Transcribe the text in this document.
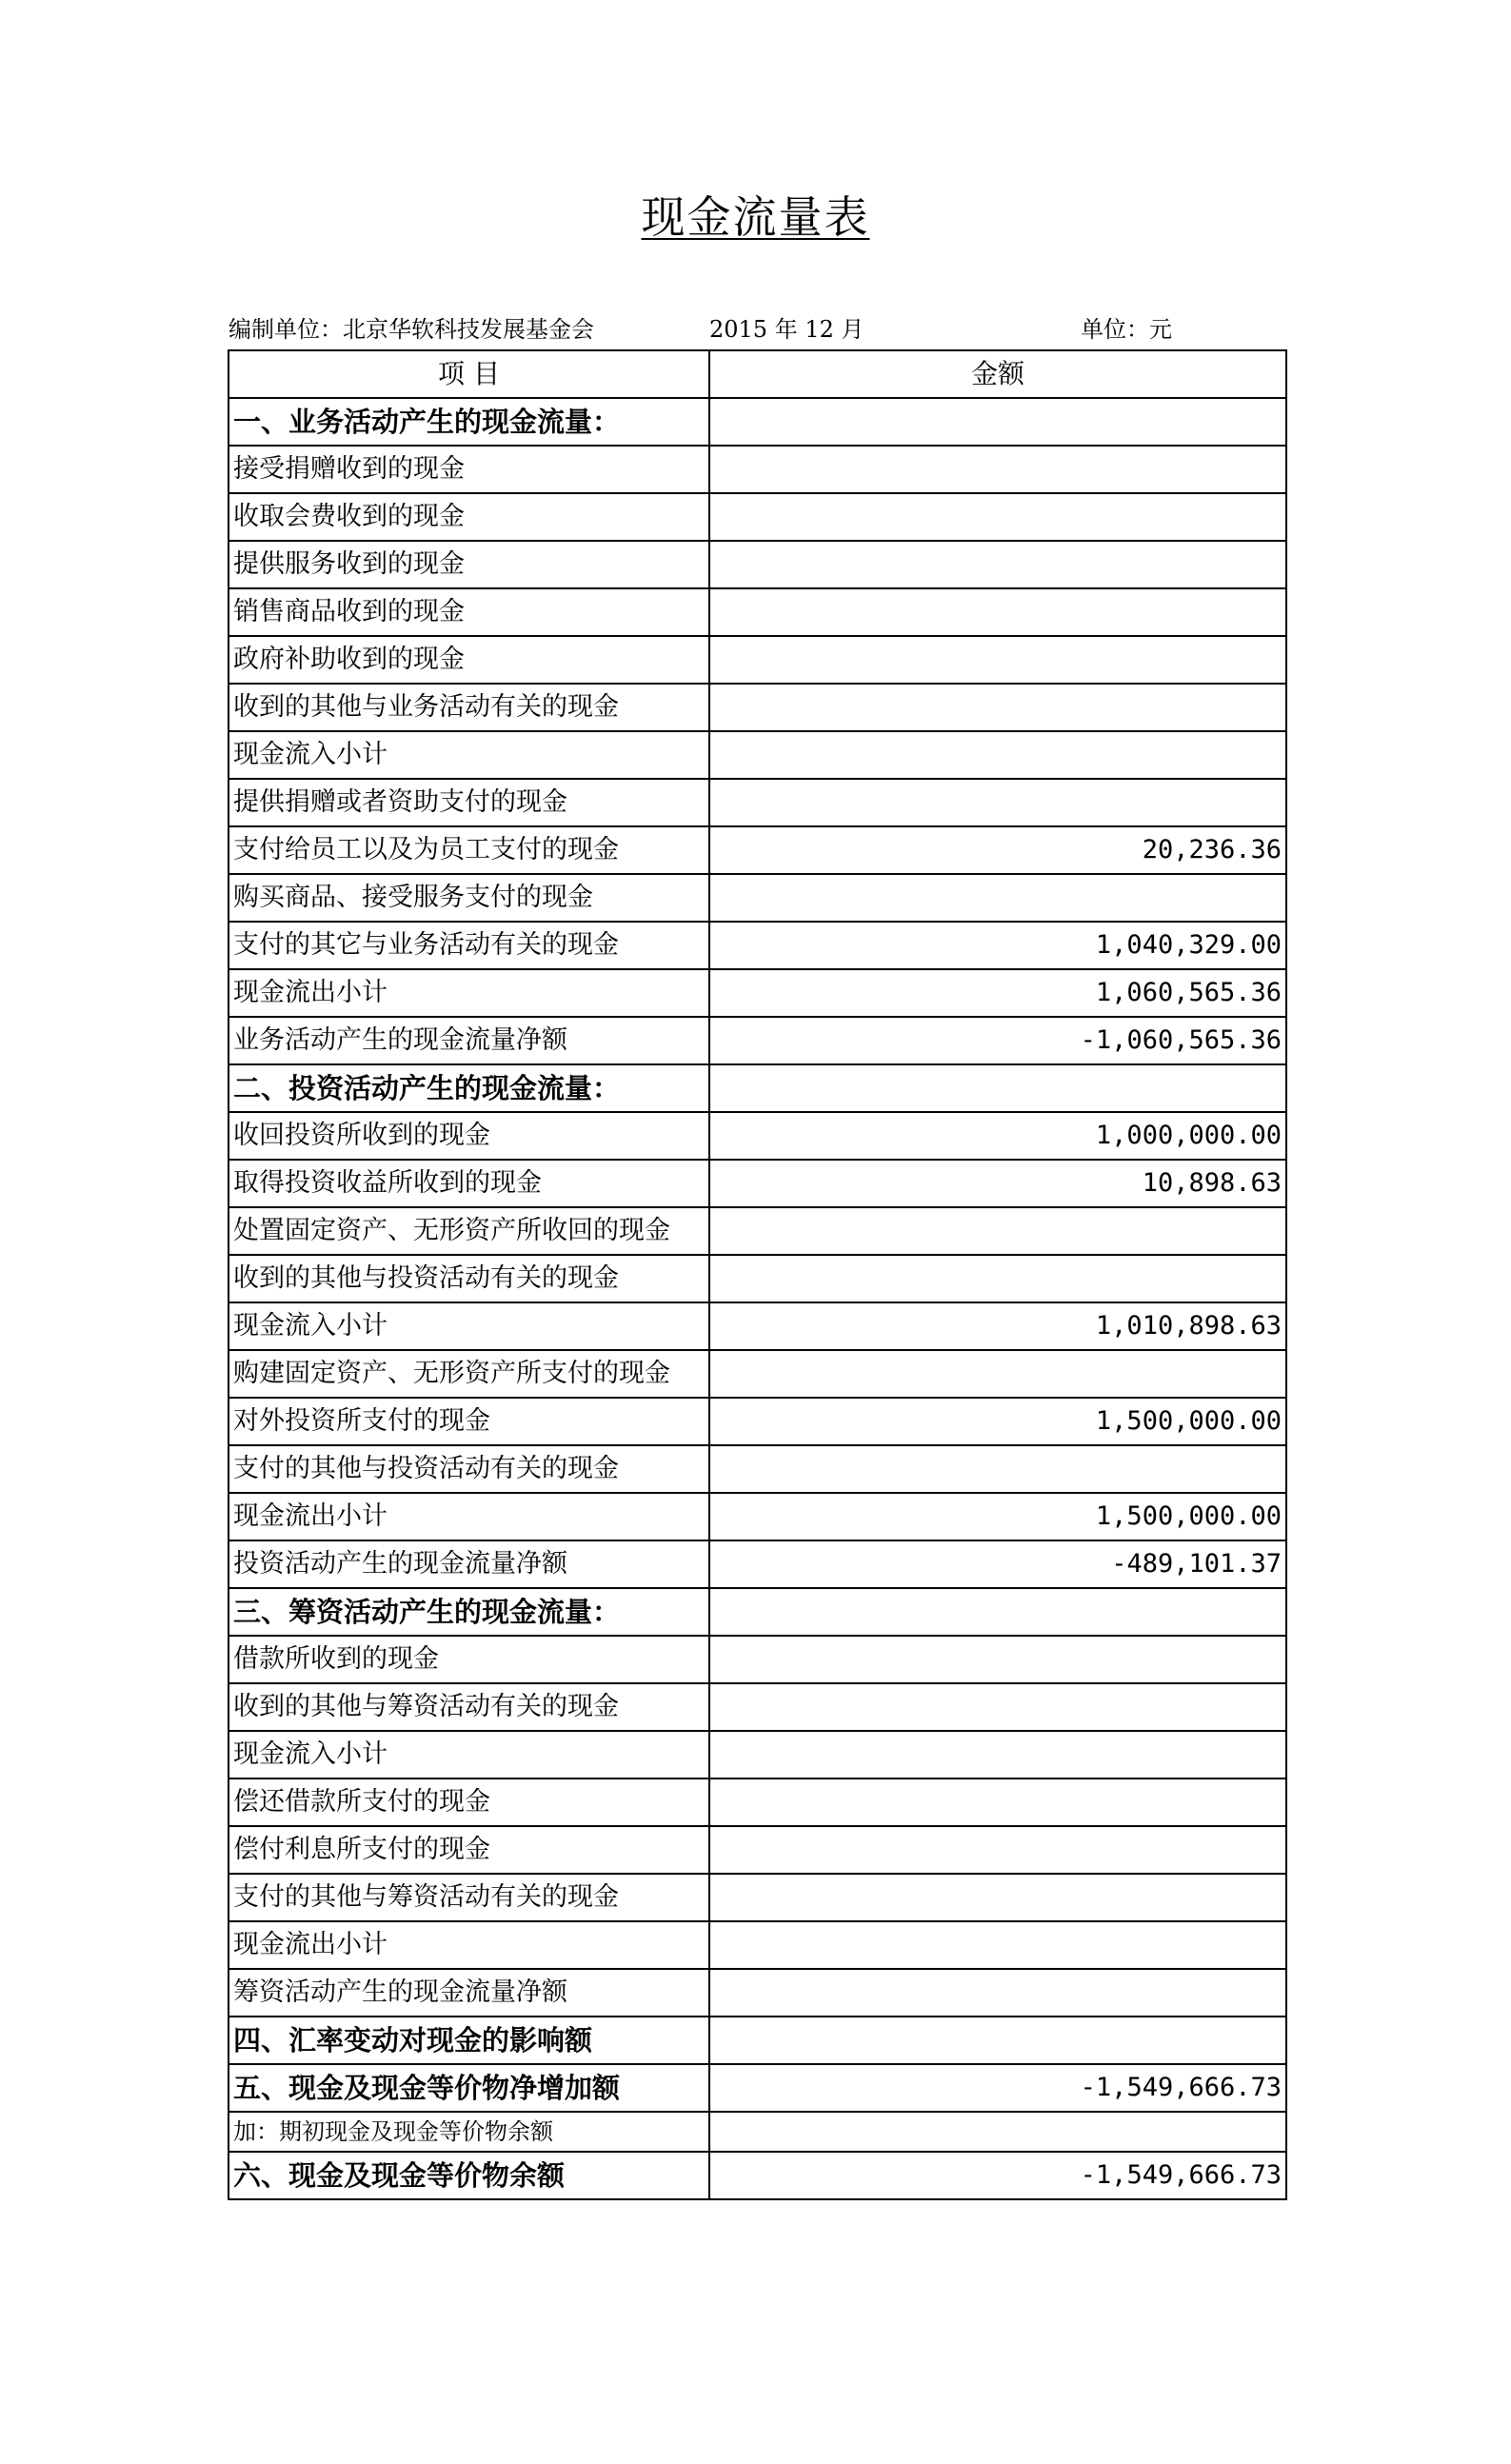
现金流量表
编制单位：北京华软科技发展基金会	2015 年 12 月	单位：元
项 目	金额
一、业务活动产生的现金流量：	
接受捐赠收到的现金	
收取会费收到的现金	
提供服务收到的现金	
销售商品收到的现金	
政府补助收到的现金	
收到的其他与业务活动有关的现金	
现金流入小计	
提供捐赠或者资助支付的现金	
支付给员工以及为员工支付的现金	20,236.36
购买商品、接受服务支付的现金	
支付的其它与业务活动有关的现金	1,040,329.00
现金流出小计	1,060,565.36
业务活动产生的现金流量净额	-1,060,565.36
二、投资活动产生的现金流量：	
收回投资所收到的现金	1,000,000.00
取得投资收益所收到的现金	10,898.63
处置固定资产、无形资产所收回的现金	
收到的其他与投资活动有关的现金	
现金流入小计	1,010,898.63
购建固定资产、无形资产所支付的现金	
对外投资所支付的现金	1,500,000.00
支付的其他与投资活动有关的现金	
现金流出小计	1,500,000.00
投资活动产生的现金流量净额	-489,101.37
三、筹资活动产生的现金流量：	
借款所收到的现金	
收到的其他与筹资活动有关的现金	
现金流入小计	
偿还借款所支付的现金	
偿付利息所支付的现金	
支付的其他与筹资活动有关的现金	
现金流出小计	
筹资活动产生的现金流量净额	
四、汇率变动对现金的影响额	
五、现金及现金等价物净增加额	-1,549,666.73
加：期初现金及现金等价物余额	
六、现金及现金等价物余额	-1,549,666.73
